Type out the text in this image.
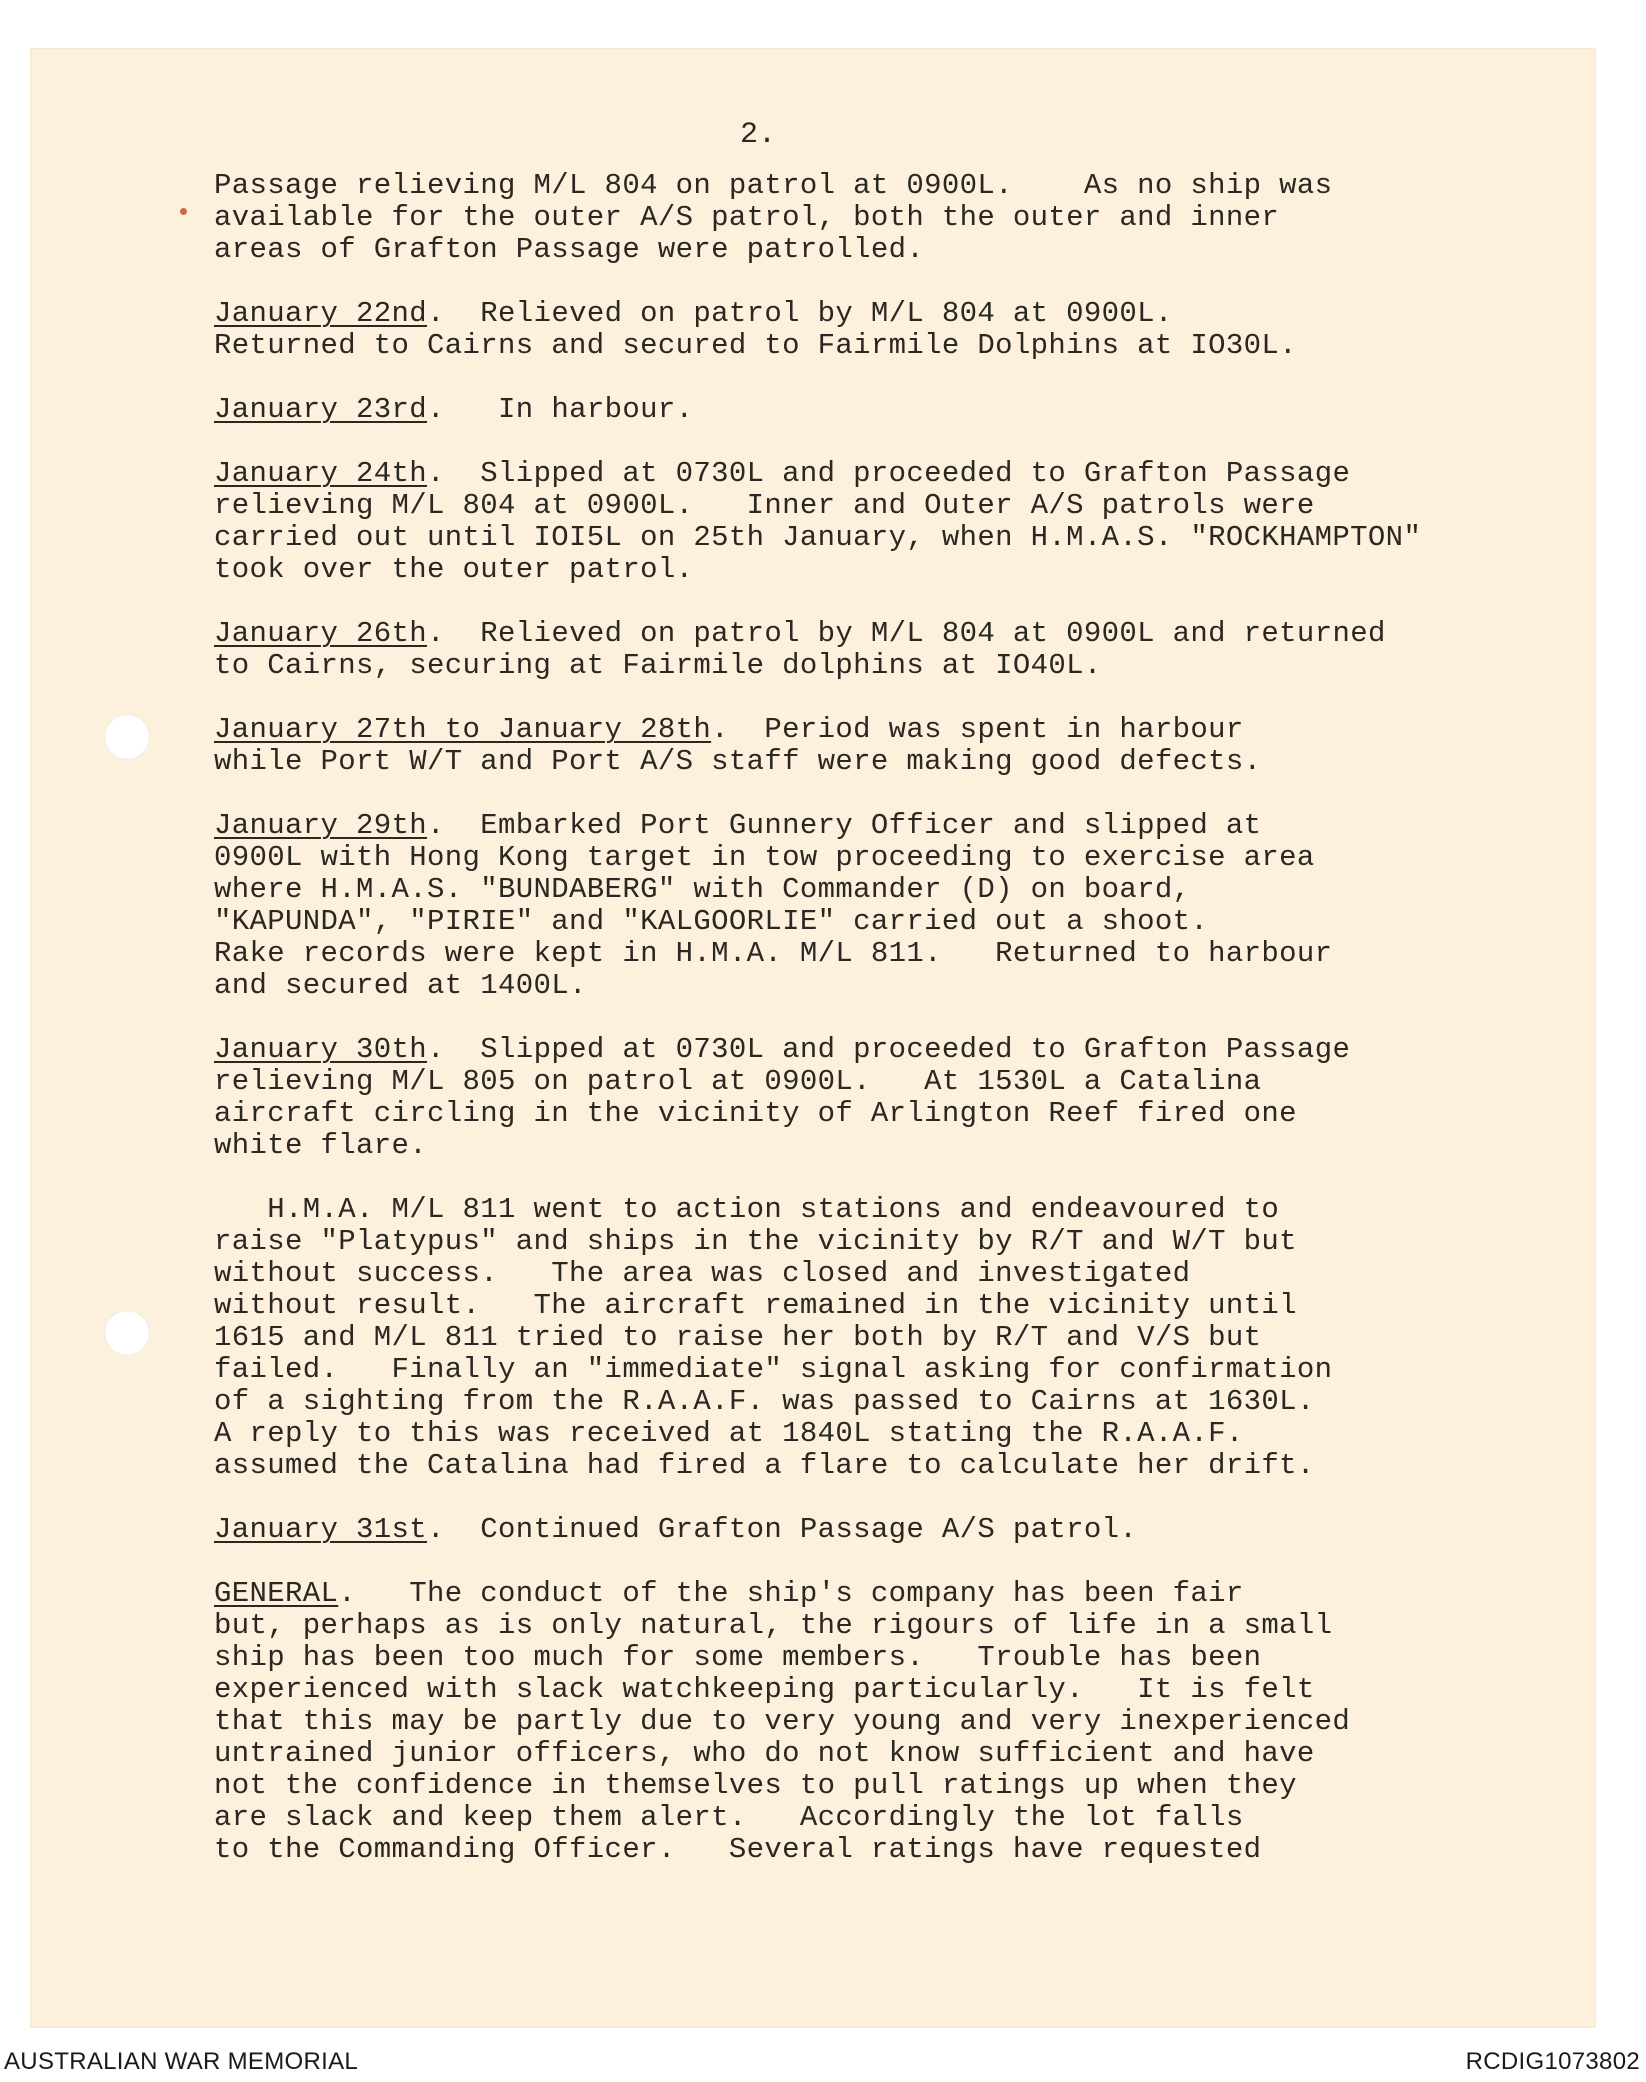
2.
Passage relieving M/L 804 on patrol at 0900L.    As no ship was
available for the outer A/S patrol, both the outer and inner
areas of Grafton Passage were patrolled.
January 22nd.  Relieved on patrol by M/L 804 at 0900L.
Returned to Cairns and secured to Fairmile Dolphins at IO30L.
January 23rd.   In harbour.
January 24th.  Slipped at 0730L and proceeded to Grafton Passage
relieving M/L 804 at 0900L.   Inner and Outer A/S patrols were
carried out until IOI5L on 25th January, when H.M.A.S. "ROCKHAMPTON"
took over the outer patrol.
January 26th.  Relieved on patrol by M/L 804 at 0900L and returned
to Cairns, securing at Fairmile dolphins at IO40L.
January 27th to January 28th.  Period was spent in harbour
while Port W/T and Port A/S staff were making good defects.
January 29th.  Embarked Port Gunnery Officer and slipped at
0900L with Hong Kong target in tow proceeding to exercise area
where H.M.A.S. "BUNDABERG" with Commander (D) on board,
"KAPUNDA", "PIRIE" and "KALGOORLIE" carried out a shoot.
Rake records were kept in H.M.A. M/L 811.   Returned to harbour
and secured at 1400L.
January 30th.  Slipped at 0730L and proceeded to Grafton Passage
relieving M/L 805 on patrol at 0900L.   At 1530L a Catalina
aircraft circling in the vicinity of Arlington Reef fired one
white flare.
H.M.A. M/L 811 went to action stations and endeavoured to
raise "Platypus" and ships in the vicinity by R/T and W/T but
without success.   The area was closed and investigated
without result.   The aircraft remained in the vicinity until
1615 and M/L 811 tried to raise her both by R/T and V/S but
failed.   Finally an "immediate" signal asking for confirmation
of a sighting from the R.A.A.F. was passed to Cairns at 1630L.
A reply to this was received at 1840L stating the R.A.A.F.
assumed the Catalina had fired a flare to calculate her drift.
January 31st.  Continued Grafton Passage A/S patrol.
GENERAL.   The conduct of the ship's company has been fair
but, perhaps as is only natural, the rigours of life in a small
ship has been too much for some members.   Trouble has been
experienced with slack watchkeeping particularly.   It is felt
that this may be partly due to very young and very inexperienced
untrained junior officers, who do not know sufficient and have
not the confidence in themselves to pull ratings up when they
are slack and keep them alert.   Accordingly the lot falls
to the Commanding Officer.   Several ratings have requested
AUSTRALIAN WAR MEMORIAL	RCDIG1073802
